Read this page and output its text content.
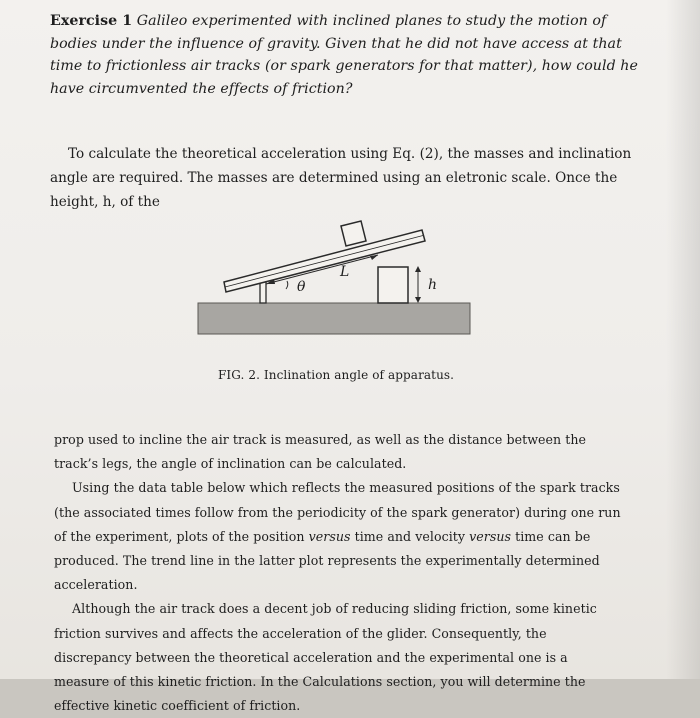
Exercise 1 Galileo experimented with inclined planes to study the motion of bodies under the influence of gravity. Given that he did not have access at that time to frictionless air tracks (or spark generators for that matter), how could he have circumvented the effects of friction?
To calculate the theoretical acceleration using Eq. (2), the masses and inclination angle are required. The masses are determined using an eletronic scale. Once the height, h, of the
L
θ	h
FIG. 2. Inclination angle of apparatus.
prop used to incline the air track is measured, as well as the distance between the track’s legs, the angle of inclination can be calculated.
Using the data table below which reflects the measured positions of the spark tracks (the associated times follow from the periodicity of the spark generator) during one run of the experiment, plots of the position versus time and velocity versus time can be produced. The trend line in the latter plot represents the experimentally determined acceleration.
Although the air track does a decent job of reducing sliding friction, some kinetic friction survives and affects the acceleration of the glider. Consequently, the discrepancy between the theoretical acceleration and the experimental one is a measure of this kinetic friction. In the Calculations section, you will determine the effective kinetic coefficient of friction.
